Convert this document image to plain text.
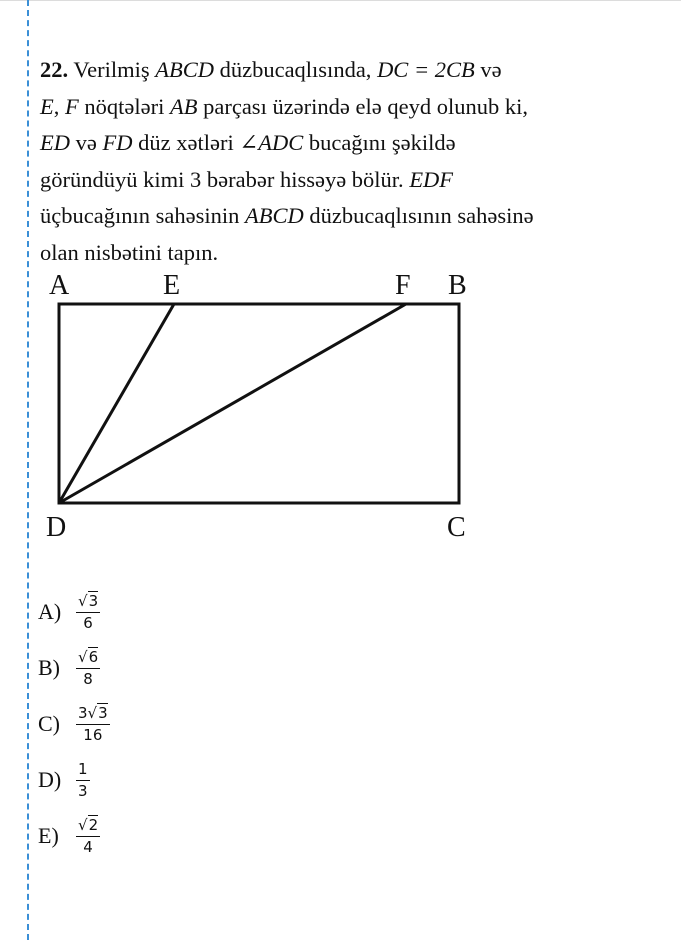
22. Verilmiş ABCD düzbucaqlısında, DC = 2CB və
E, F nöqtələri AB parçası üzərində elə qeyd olunub ki,
ED və FD düz xətləri ∠ADC bucağını şəkildə
göründüyü kimi 3 bərabər hissəyə bölür. EDF
üçbucağının sahəsinin ABCD düzbucaqlısının sahəsinə
olan nisbətini tapın.
A	E	F B
D	C
$A) \frac{√3}{6}$
B)	$\frac{√6}{8}$
C)	$\frac{3√3}{16}$
$D) \frac{1}{3}$
E)	$\frac{√2}{4}$
